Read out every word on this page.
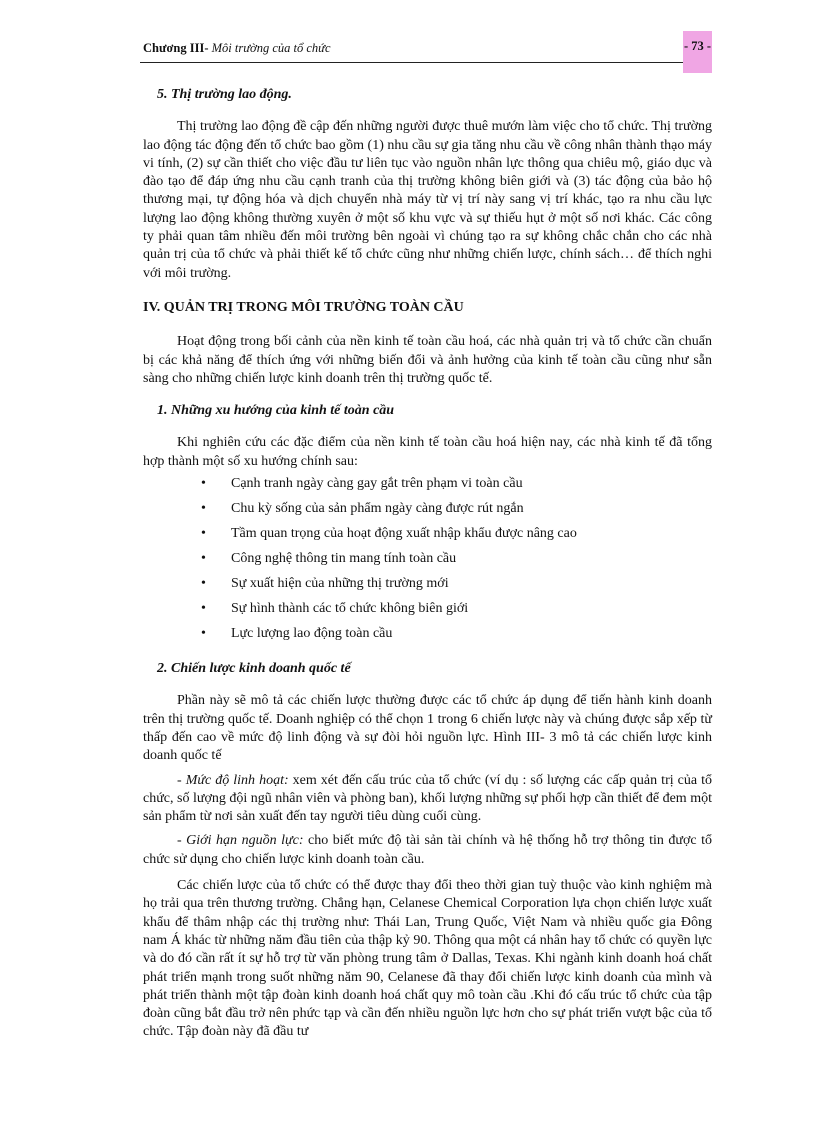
Chương III- Môi trường của tổ chức	- 73 -

5. Thị trường lao động.

Thị trường lao động đề cập đến những người được thuê mướn làm việc cho tổ chức. Thị trường lao động tác động đến tổ chức bao gồm (1) nhu cầu sự gia tăng nhu cầu về công nhân thành thạo máy vi tính, (2) sự cần thiết cho việc đầu tư liên tục vào nguồn nhân lực thông qua chiêu mộ, giáo dục và đào tạo để đáp ứng nhu cầu cạnh tranh của thị trường không biên giới và (3) tác động của bảo hộ thương mại, tự động hóa và dịch chuyển nhà máy từ vị trí này sang vị trí khác, tạo ra nhu cầu lực lượng lao động không thường xuyên ở một số khu vực và sự thiếu hụt ở một số nơi khác. Các công ty phải quan tâm nhiều đến môi trường bên ngoài vì chúng tạo ra sự không chắc chắn cho các nhà quản trị của tổ chức và phải thiết kế tổ chức cũng như những chiến lược, chính sách… để thích nghi với môi trường.

IV. QUẢN TRỊ TRONG MÔI TRƯỜNG TOÀN CẦU

Hoạt động trong bối cảnh của nền kinh tế toàn cầu hoá, các nhà quản trị và tổ chức cần chuẩn bị các khả năng để thích ứng với những biến đổi và ảnh hưởng của kinh tế toàn cầu cũng như sẵn sàng cho những chiến lược kinh doanh trên thị trường quốc tế.

1. Những xu hướng của kinh tế toàn cầu

Khi nghiên cứu các đặc điểm của nền kinh tế toàn cầu hoá hiện nay, các nhà kinh tế đã tổng hợp thành một số xu hướng chính sau:

• Cạnh tranh ngày càng gay gắt trên phạm vi toàn cầu
• Chu kỳ sống của sản phẩm ngày càng được rút ngắn
• Tầm quan trọng của hoạt động xuất nhập khẩu được nâng cao
• Công nghệ thông tin mang tính toàn cầu
• Sự xuất hiện của những thị trường mới
• Sự hình thành các tổ chức không biên giới
• Lực lượng lao động toàn cầu

2. Chiến lược kinh doanh quốc tế

Phần này sẽ mô tả các chiến lược thường được các tổ chức áp dụng để tiến hành kinh doanh trên thị trường quốc tế. Doanh nghiệp có thể chọn 1 trong 6 chiến lược này và chúng được sắp xếp từ thấp đến cao về mức độ linh động và sự đòi hỏi nguồn lực. Hình III- 3 mô tả các chiến lược kinh doanh quốc tế

- Mức độ linh hoạt: xem xét đến cấu trúc của tổ chức (ví dụ : số lượng các cấp quản trị của tổ chức, số lượng đội ngũ nhân viên và phòng ban), khối lượng những sự phối hợp cần thiết để đem một sản phẩm từ nơi sản xuất đến tay người tiêu dùng cuối cùng.

- Giới hạn nguồn lực: cho biết mức độ tài sản tài chính và hệ thống hỗ trợ thông tin được tổ chức sử dụng cho chiến lược kinh doanh toàn cầu.

Các chiến lược của tổ chức có thể được thay đổi theo thời gian tuỳ thuộc vào kinh nghiệm mà họ trải qua trên thương trường. Chẳng hạn, Celanese Chemical Corporation lựa chọn chiến lược xuất khẩu để thâm nhập các thị trường như: Thái Lan, Trung Quốc, Việt Nam và nhiều quốc gia Đông nam Á khác từ những năm đầu tiên của thập kỷ 90. Thông qua một cá nhân hay tổ chức có quyền lực và do đó cần rất ít sự hỗ trợ từ văn phòng trung tâm ở Dallas, Texas. Khi ngành kinh doanh hoá chất phát triển mạnh trong suốt những năm 90, Celanese đã thay đổi chiến lược kinh doanh của mình và phát triển thành một tập đoàn kinh doanh hoá chất quy mô toàn cầu .Khi đó cấu trúc tổ chức của tập đoàn cũng bắt đầu trở nên phức tạp và cần đến nhiều nguồn lực hơn cho sự phát triển vượt bậc của tổ chức. Tập đoàn này đã đầu tư
